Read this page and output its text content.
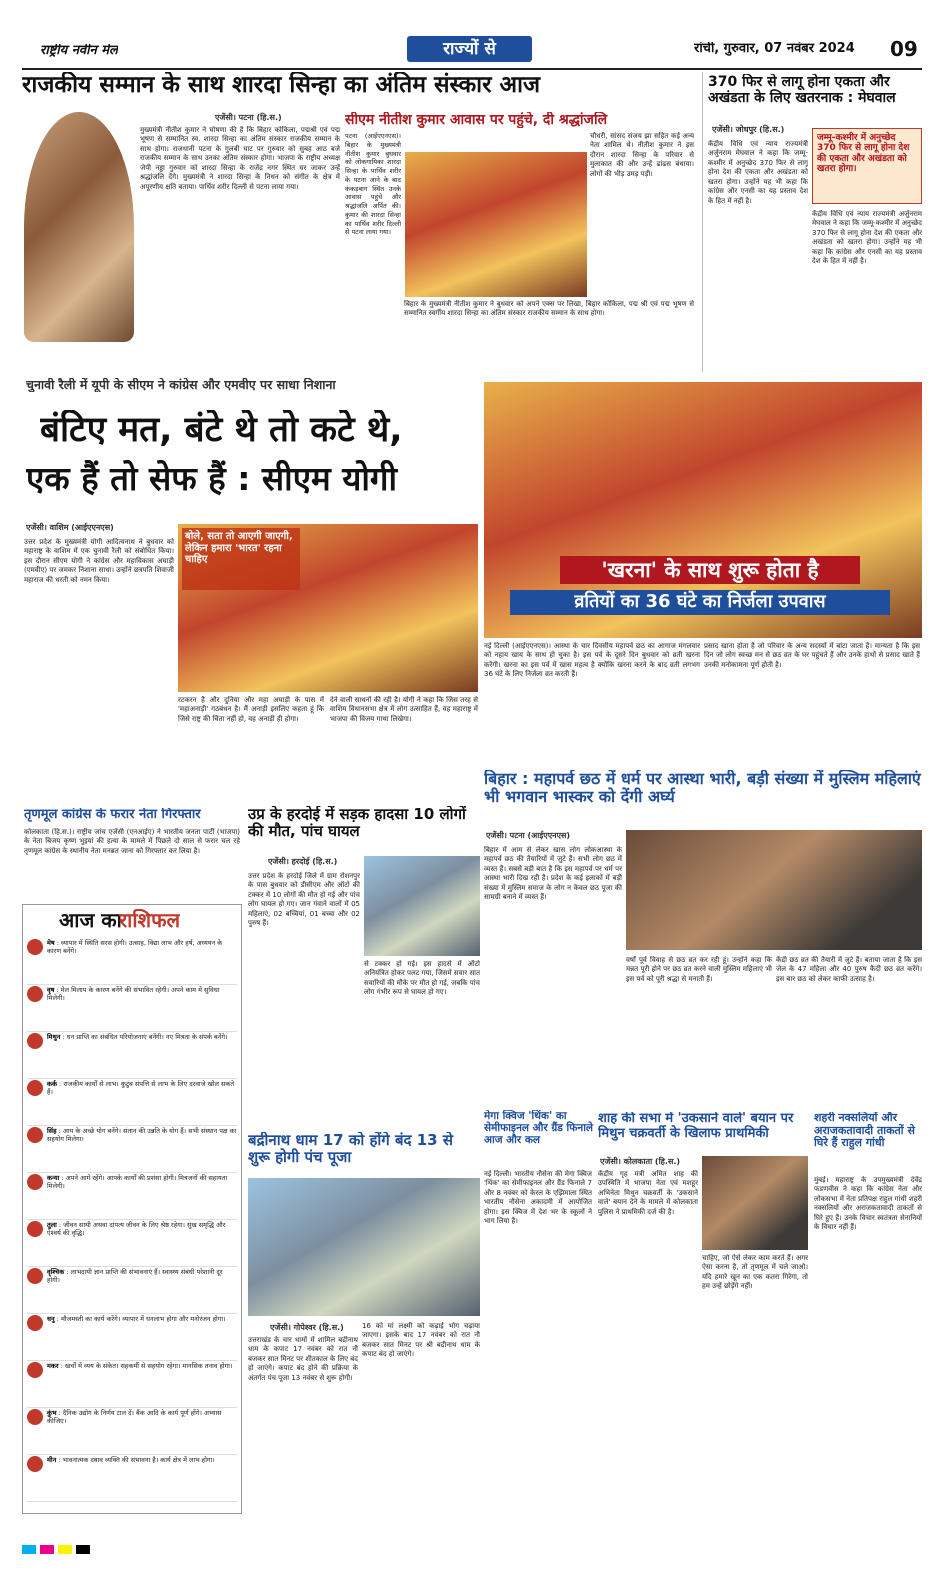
राष्ट्रीय नवीन मेल	राज्यों से	रांची, गुरुवार, 07 नवंबर 2024 09
राजकीय सम्मान के साथ शारदा सिन्हा का अंतिम संस्कार आज
एजेंसी। पटना (हि.स.)
मुख्यमंत्री नीतीश कुमार ने घोषणा की है कि बिहार कोकिला, पद्मश्री एवं पद्म भूषण से सम्मानित स्व. शारदा सिन्हा का अंतिम संस्कार राजकीय सम्मान के साथ होगा। राजधानी पटना के गुलबी घाट पर गुरुवार को सुबह आठ बजे राजकीय सम्मान के साथ उनका अंतिम संस्कार होगा। भाजपा के राष्ट्रीय अध्यक्ष जेपी नड्डा गुरुवार को शारदा सिन्हा के राजेंद्र नगर स्थित घर जाकर उन्हें श्रद्धांजलि देंगे। मुख्यमंत्री ने शारदा सिन्हा के निधन को संगीत के क्षेत्र में अपूरणीय क्षति बताया। पार्थिव शरीर दिल्ली से पटना लाया गया।
सीएम नीतीश कुमार आवास पर पहुंचे, दी श्रद्धांजलि
पटना (आईएएनएस)। बिहार के मुख्यमंत्री नीतीश कुमार बुधवार को लोकगायिका शारदा सिन्हा के पार्थिव शरीर के पटना आने के बाद कंकड़बाग स्थित उनके आवास पहुंचे और श्रद्धांजलि अर्पित की। कुमार की शारदा सिन्हा का पार्थिव शरीर दिल्ली से पटना लाया गया।
चौधरी, सांसद संजय झा सहित कई अन्य नेता शामिल थे। नीतीश कुमार ने इस दौरान शारदा सिन्हा के परिवार से मुलाकात की और उन्हें ढांढस बंधाया। लोगों की भीड़ उमड़ पड़ी।
बिहार के मुख्यमंत्री नीतीश कुमार ने बुधवार को अपने एक्स पर लिखा, बिहार कोकिला, पद्म श्री एवं पद्म भूषण से सम्मानित स्वर्गीय शारदा सिन्हा का अंतिम संस्कार राजकीय सम्मान के साथ होगा।
370 फिर से लागू होना एकता और अखंडता के लिए खतरनाक : मेघवाल
एजेंसी। जोधपुर (हि.स.)
जम्मू-कश्मीर में अनुच्छेद 370 फिर से लागू होना देश की एकता और अखंडता को खतरा होगा।
केंद्रीय विधि एवं न्याय राज्यमंत्री अर्जुनराम मेघवाल ने कहा कि जम्मू-कश्मीर में अनुच्छेद 370 फिर से लागू होना देश की एकता और अखंडता को खतरा होगा। उन्होंने यह भी कहा कि कांग्रेस और एनसी का यह प्रस्ताव देश के हित में नहीं है।
केंद्रीय विधि एवं न्याय राज्यमंत्री अर्जुनराम मेघवाल ने कहा कि जम्मू-कश्मीर में अनुच्छेद 370 फिर से लागू होना देश की एकता और अखंडता को खतरा होगा। उन्होंने यह भी कहा कि कांग्रेस और एनसी का यह प्रस्ताव देश के हित में नहीं है।
चुनावी रैली में यूपी के सीएम ने कांग्रेस और एमवीए पर साधा निशाना
बंटिए मत, बंटे थे तो कटे थे,
एक हैं तो सेफ हैं : सीएम योगी
एजेंसी। वाशिम (आईएएनएस)
उत्तर प्रदेश के मुख्यमंत्री योगी आदित्यनाथ ने बुधवार को महाराष्ट्र के वाशिम में एक चुनावी रैली को संबोधित किया। इस दौरान सीएम योगी ने कांग्रेस और महाविकास अघाड़ी (एमवीए) पर जमकर निशाना साधा। उन्होंने छत्रपति शिवाजी महाराज की धरती को नमन किया।
बोले, सता तो आएगी जाएगी, लेकिन हमारा 'भारत' रहना चाहिए
रटकरन है और दुनिया और महा अघाड़ी के पास में 'महाअनाड़ी' गठबंधन है। मैं अनाड़ी इसलिए कहता हूं कि जिसे राष्ट्र की चिंता नहीं हो, वह अनाड़ी ही होगा।
देने वाली साधनों की रही है। योगी ने कहा कि जिस तरह से वाशिम विधानसभा क्षेत्र में लोग उत्साहित हैं, वह महाराष्ट्र में भाजपा की विजय गाथा लिखेगा।
'खरना' के साथ शुरू होता है
व्रतियों का 36 घंटे का निर्जला उपवास
नई दिल्ली (आईएएनएस)। आस्था के चार दिवसीय महापर्व छठ का आगाज मंगलवार को नहाय खाय के साथ हो चुका है। इस पर्व के दूसरे दिन बुधवार को व्रती खरना करेंगी। खरना का इस पर्व में खास महत्व है क्योंकि खरना करने के बाद व्रती लगभग 36 घंटे के लिए निर्जला व्रत करती हैं।
प्रसाद खाना होता है जो परिवार के अन्य सदस्यों में बांटा जाता है। मान्यता है कि इस दिन जो लोग स्वच्छ मन से छठ व्रत के घर पहुंचते हैं और उनके हाथों से प्रसाद खाते हैं उनकी मनोकामना पूर्ण होती है।
बिहार : महापर्व छठ में धर्म पर आस्था भारी, बड़ी संख्या में मुस्लिम महिलाएं भी भगवान भास्कर को देंगी अर्घ्य
एजेंसी। पटना (आईएएनएस)
बिहार में आम से लेकर खास लोग लोकआस्था के महापर्व छठ की तैयारियों में जुटे हैं। सभी लोग छठ में व्यस्त हैं। सबसे बड़ी बात है कि इस महापर्व पर धर्म पर आस्था भारी दिख रही है। प्रदेश के कई इलाकों में बड़ी संख्या में मुस्लिम समाज के लोग न केवल छठ पूजा की सामग्री बनाने में व्यस्त हैं।
वर्षों पूर्व विवाह से छठ व्रत कर रही हूं। उन्होंने कहा कि मन्नत पूरी होने पर छठ व्रत करने वाली मुस्लिम महिलाएं भी इस पर्व को पूरी श्रद्धा से मनाती हैं।
केंद्री छठ व्रत की तैयारी में जुटे हैं। बताया जाता है कि इस जेल के 47 महिला और 40 पुरुष कैदी छठ व्रत करेंगे। इस बार छठ को लेकर काफी उत्साह है।
तृणमूल कांग्रेस के फरार नेता गिरफ्तार
कोलकाता (हि.स.)। राष्ट्रीय जांच एजेंसी (एनआईए) ने भारतीय जनता पार्टी (भाजपा) के नेता बिजय कृष्ण भुइयां की हत्या के मामले में पिछले दो साल से फरार चल रहे तृणमूल कांग्रेस के स्थानीय नेता मनब्रत जाना को गिरफ्तार कर लिया है।
आज का
राशिफल
मेष : व्यापार में स्थिति सरस होगी। उत्साह, विद्या लाभ और हर्ष, अध्ययन के कारण बनेंगे।
वृष : मेल मिलाप के कारण बनेंगे की संभावित रहेगी। अपने काम में सुविधा मिलेगी।
मिथुन : धन प्राप्ति का संबंधित परियोजनाएं बनेंगी। नए मित्रता के संपर्क बनेंगे।
कर्क : राजकीय कार्यों से लाभ। कुटुंब संपत्ति से लाभ के लिए दरवाजे खोल सकते हैं।
सिंह : आय के अच्छे योग बनेंगे। संतान की उन्नति के योग हैं। सभी संस्थान पक्ष का सहयोग मिलेगा।
कन्या : अपने आगे रहेंगे। आपके कार्यों की प्रशंसा होगी। मित्रजनों की सहायता मिलेगी।
तुला : जीवन साथी अथवा दांपत्य जीवन के लिए श्रेष्ठ रहेगा। सुख समृद्धि और ऐश्वर्य की वृद्धि।
वृश्चिक : लाभदायी ज्ञान प्राप्ति की संभावनाएं हैं। स्वास्थ्य संबंधी परेशानी दूर होगी।
धनु : मौजमस्ती का कार्य करेंगे। व्यापार में धनलाभ होगा और मनोरंजन होगा।
मकर : खर्चों में व्यय के संकेत। सहकर्मी से सहयोग रहेगा। मानसिक तनाव होगा।
कुंभ : दैनिक उद्योग के निर्णय टाल दें। बैंक आदि के कार्य पूर्ण होंगे। अभ्यास कीजिए।
मीन : भावनात्मक दबाव व्यक्ति की संभावना है। कार्य क्षेत्र में लाभ होगा।
उप्र के हरदोई में सड़क हादसा 10 लोगों की मौत, पांच घायल
एजेंसी। हरदोई (हि.स.)
उत्तर प्रदेश के हरदोई जिले में ग्राम रोशनपुर के पास बुधवार को डीसीएम और ऑटो की टक्कर में 10 लोगों की मौत हो गई और पांच लोग घायल हो गए। जान गंवाने वालों में 05 महिलाएं, 02 बच्चियां, 01 बच्चा और 02 पुरुष हैं।
से टक्कर हो गई। इस हादसे में ऑटो अनियंत्रित होकर पलट गया, जिसमें सवार सात सवारियों की मौके पर मौत हो गई, जबकि पांच लोग गंभीर रूप से घायल हो गए।
बद्रीनाथ धाम 17 को होंगे बंद 13 से शुरू होगी पंच पूजा
एजेंसी। गोपेश्वर (हि.स.)
उत्तराखंड के चार धामों में शामिल बद्रीनाथ धाम के कपाट 17 नवंबर को रात नौ बजकर सात मिनट पर शीतकाल के लिए बंद हो जाएंगे। कपाट बंद होने की प्रक्रिया के अंतर्गत पंच पूजा 13 नवंबर से शुरू होगी।
16 को मां लक्ष्मी को कढ़ाई भोग चढ़ाया जाएगा। इसके बाद 17 नवंबर को रात नौ बजकर सात मिनट पर श्री बद्रीनाथ धाम के कपाट बंद हो जाएंगे।
मेगा क्विज 'थिंक' का सेमीफाइनल और ग्रैंड फिनाले आज और कल
नई दिल्ली। भारतीय नौसेना की मेगा क्विज 'थिंक' का सेमीफाइनल और ग्रैंड फिनाले 7 और 8 नवंबर को केरल के एझिमाला स्थित भारतीय नौसेना अकादमी में आयोजित होगा। इस क्विज में देश भर के स्कूलों ने भाग लिया है।
शाह की सभा में 'उकसाने वाले' बयान पर मिथुन चक्रवर्ती के खिलाफ प्राथमिकी
एजेंसी। कोलकाता (हि.स.)
केंद्रीय गृह मंत्री अमित शाह की उपस्थिति में भाजपा नेता एवं मशहूर अभिनेता मिथुन चक्रवर्ती के 'उकसाने वाले' बयान देने के मामले में कोलकाता पुलिस ने प्राथमिकी दर्ज की है।
चाहिए, जो ऐसे लेकर काम करते हैं। अगर ऐसा करना है, तो तृणमूल में चले जाओ। यदि हमारे खून का एक कतरा गिरेगा, तो हम उन्हें छोड़ेंगे नहीं।
शहरी नक्सलियों और अराजकतावादी ताकतों से घिरे हैं राहुल गांधी
मुंबई। महाराष्ट्र के उपमुख्यमंत्री देवेंद्र फडणवीस ने कहा कि कांग्रेस नेता और लोकसभा में नेता प्रतिपक्ष राहुल गांधी शहरी नक्सलियों और अराजकतावादी ताकतों से घिरे हुए हैं। उनके विचार स्वतंत्रता सेनानियों के विचार नहीं हैं।
